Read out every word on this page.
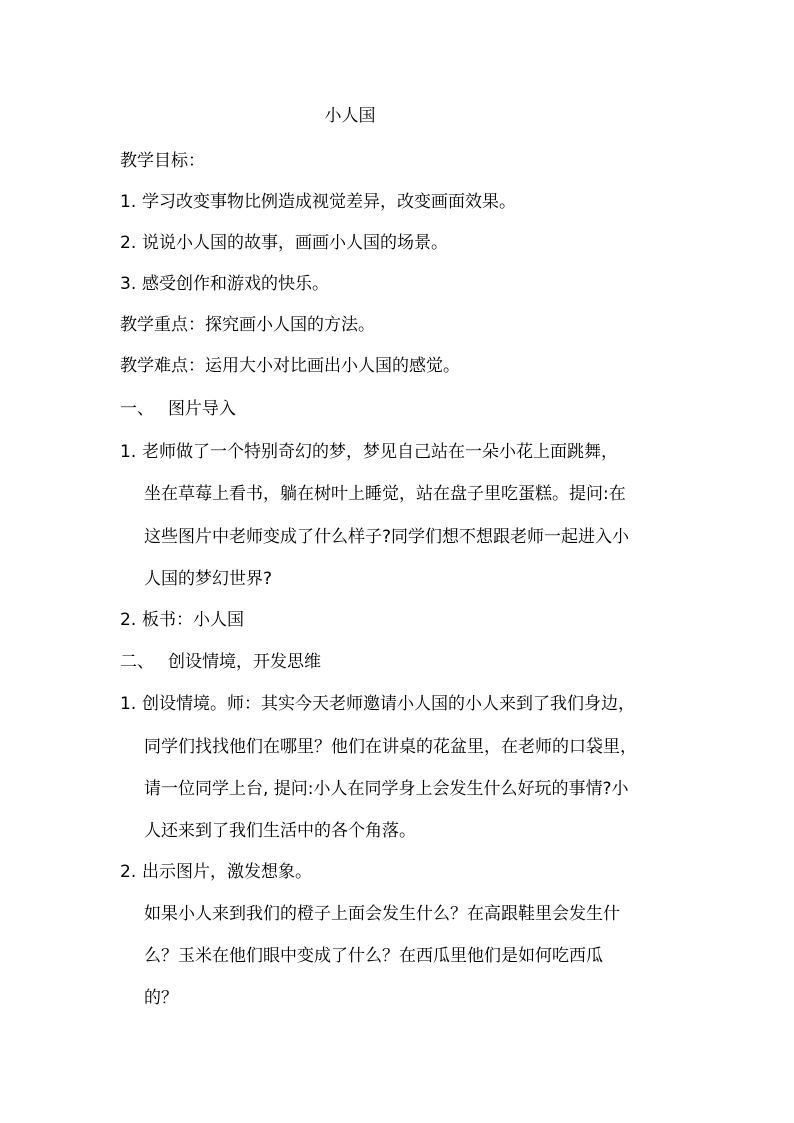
小人国
教学目标：
1. 学习改变事物比例造成视觉差异，改变画面效果。
2. 说说小人国的故事，画画小人国的场景。
3. 感受创作和游戏的快乐。
教学重点：探究画小人国的方法。
教学难点：运用大小对比画出小人国的感觉。
一、 图片导入
1. 老师做了一个特别奇幻的梦，梦见自己站在一朵小花上面跳舞，
坐在草莓上看书，躺在树叶上睡觉，站在盘子里吃蛋糕。提问:在
这些图片中老师变成了什么样子?同学们想不想跟老师一起进入小
人国的梦幻世界?
2. 板书：小人国
二、 创设情境，开发思维
1. 创设情境。师：其实今天老师邀请小人国的小人来到了我们身边，
同学们找找他们在哪里？他们在讲桌的花盆里，在老师的口袋里，
请一位同学上台, 提问:小人在同学身上会发生什么好玩的事情?小
人还来到了我们生活中的各个角落。
2. 出示图片，激发想象。
如果小人来到我们的橙子上面会发生什么？在高跟鞋里会发生什
么？玉米在他们眼中变成了什么？在西瓜里他们是如何吃西瓜
的？
